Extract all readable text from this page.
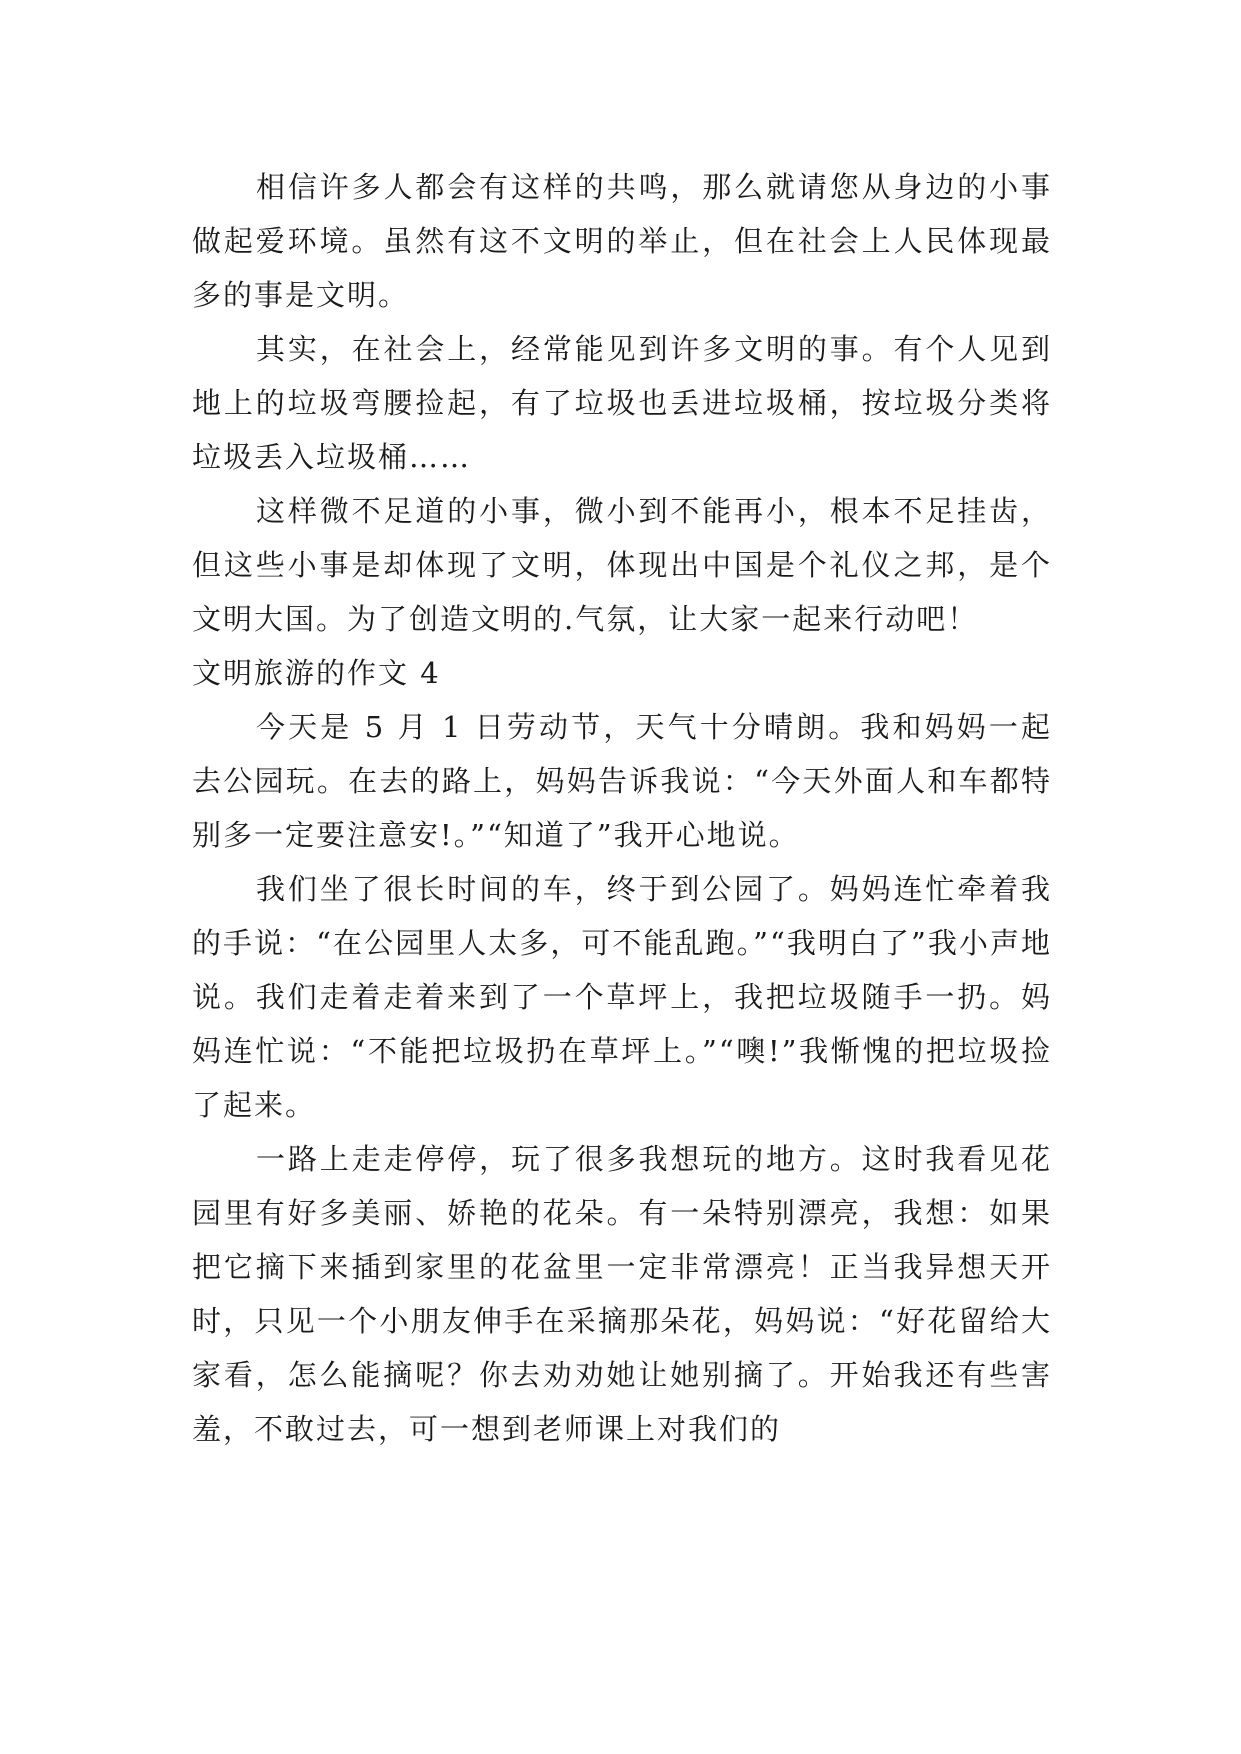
相信许多人都会有这样的共鸣，那么就请您从身边的小事做起爱环境。虽然有这不文明的举止，但在社会上人民体现最多的事是文明。

其实，在社会上，经常能见到许多文明的事。有个人见到地上的垃圾弯腰捡起，有了垃圾也丢进垃圾桶，按垃圾分类将垃圾丢入垃圾桶……

这样微不足道的小事，微小到不能再小，根本不足挂齿，但这些小事是却体现了文明，体现出中国是个礼仪之邦，是个文明大国。为了创造文明的.气氛，让大家一起来行动吧！

文明旅游的作文 4

今天是 5 月 1 日劳动节，天气十分晴朗。我和妈妈一起去公园玩。在去的路上，妈妈告诉我说：“今天外面人和车都特别多一定要注意安!。”“知道了”我开心地说。

我们坐了很长时间的车，终于到公园了。妈妈连忙牵着我的手说：“在公园里人太多，可不能乱跑。”“我明白了”我小声地说。我们走着走着来到了一个草坪上，我把垃圾随手一扔。妈妈连忙说：“不能把垃圾扔在草坪上。”“噢!”我惭愧的把垃圾捡了起来。

一路上走走停停，玩了很多我想玩的地方。这时我看见花园里有好多美丽、娇艳的花朵。有一朵特别漂亮，我想：如果把它摘下来插到家里的花盆里一定非常漂亮！正当我异想天开时，只见一个小朋友伸手在采摘那朵花，妈妈说：“好花留给大家看，怎么能摘呢？你去劝劝她让她别摘了。开始我还有些害羞，不敢过去，可一想到老师课上对我们的
